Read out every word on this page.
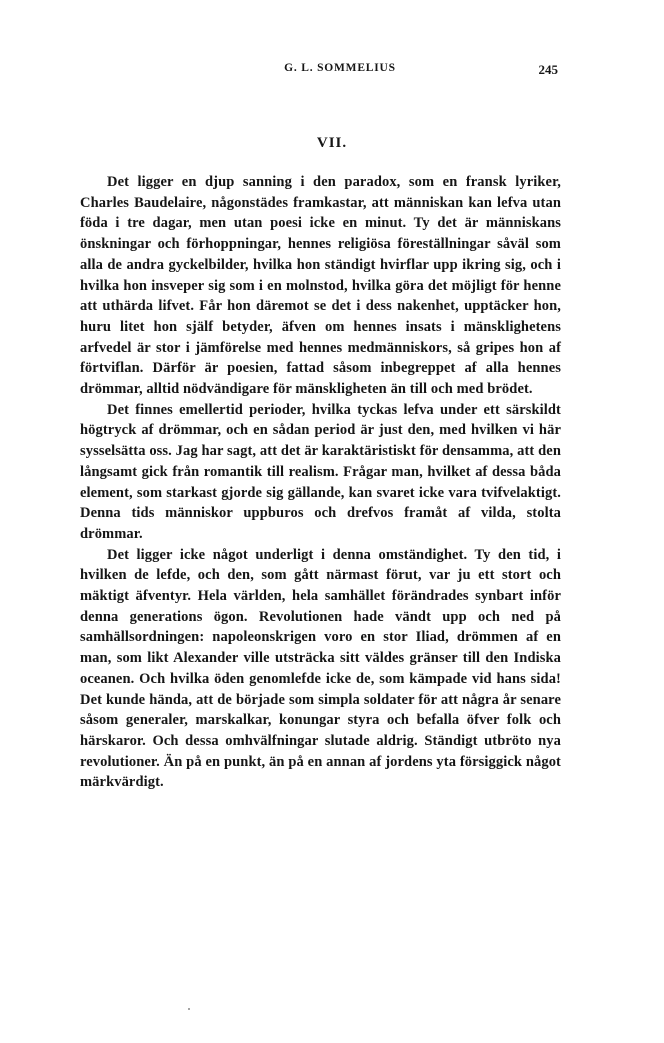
G. L. SOMMELIUS	245
VII.

Det ligger en djup sanning i den paradox, som en fransk lyriker, Charles Baudelaire, någonstädes framkastar, att människan kan lefva utan föda i tre dagar, men utan poesi icke en minut. Ty det är människans önskningar och förhoppningar, hennes religiösa föreställningar såväl som alla de andra gyckelbilder, hvilka hon ständigt hvirflar upp ikring sig, och i hvilka hon insveper sig som i en molnstod, hvilka göra det möjligt för henne att uthärda lifvet. Får hon däremot se det i dess nakenhet, upptäcker hon, huru litet hon själf betyder, äfven om hennes insats i mänsklighetens arfvedel är stor i jämförelse med hennes medmänniskors, så gripes hon af förtviflan. Därför är poesien, fattad såsom inbegreppet af alla hennes drömmar, alltid nödvändigare för mänskligheten än till och med brödet.

Det finnes emellertid perioder, hvilka tyckas lefva under ett särskildt högtryck af drömmar, och en sådan period är just den, med hvilken vi här sysselsätta oss. Jag har sagt, att det är karaktäristiskt för densamma, att den långsamt gick från romantik till realism. Frågar man, hvilket af dessa båda element, som starkast gjorde sig gällande, kan svaret icke vara tvifvelaktigt. Denna tids människor uppburos och drefvos framåt af vilda, stolta drömmar.

Det ligger icke något underligt i denna omständighet. Ty den tid, i hvilken de lefde, och den, som gått närmast förut, var ju ett stort och mäktigt äfventyr. Hela världen, hela samhället förändrades synbart inför denna generations ögon. Revolutionen hade vändt upp och ned på samhällsordningen: napoleonskrigen voro en stor Iliad, drömmen af en man, som likt Alexander ville utsträcka sitt väldes gränser till den Indiska oceanen. Och hvilka öden genomlefde icke de, som kämpade vid hans sida! Det kunde hända, att de började som simpla soldater för att några år senare såsom generaler, marskalkar, konungar styra och befalla öfver folk och härskaror. Och dessa omhvälfningar slutade aldrig. Ständigt utbröto nya revolutioner. Än på en punkt, än på en annan af jordens yta försiggick något märkvärdigt.
